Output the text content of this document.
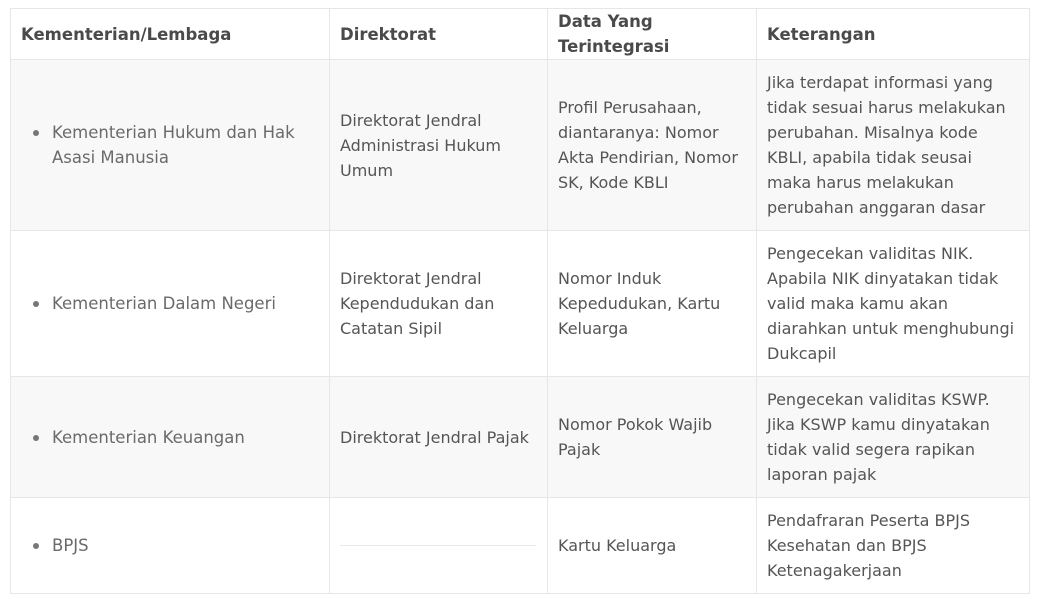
Kementerian/Lembaga	Direktorat	Data Yang Terintegrasi	Keterangan

Kementerian Hukum dan Hak Asasi Manusia	Direktorat Jendral Administrasi Hukum Umum	Profil Perusahaan, diantaranya: Nomor Akta Pendirian, Nomor SK, Kode KBLI	Jika terdapat informasi yang tidak sesuai harus melakukan perubahan. Misalnya kode KBLI, apabila tidak seusai maka harus melakukan perubahan anggaran dasar

Kementerian Dalam Negeri	Direktorat Jendral Kependudukan dan Catatan Sipil	Nomor Induk Kepedudukan, Kartu Keluarga	Pengecekan validitas NIK. Apabila NIK dinyatakan tidak valid maka kamu akan diarahkan untuk menghubungi Dukcapil

Kementerian Keuangan	Direktorat Jendral Pajak	Nomor Pokok Wajib Pajak	Pengecekan validitas KSWP. Jika KSWP kamu dinyatakan tidak valid segera rapikan laporan pajak

BPJS		Kartu Keluarga	Pendafraran Peserta BPJS Kesehatan dan BPJS Ketenagakerjaan
